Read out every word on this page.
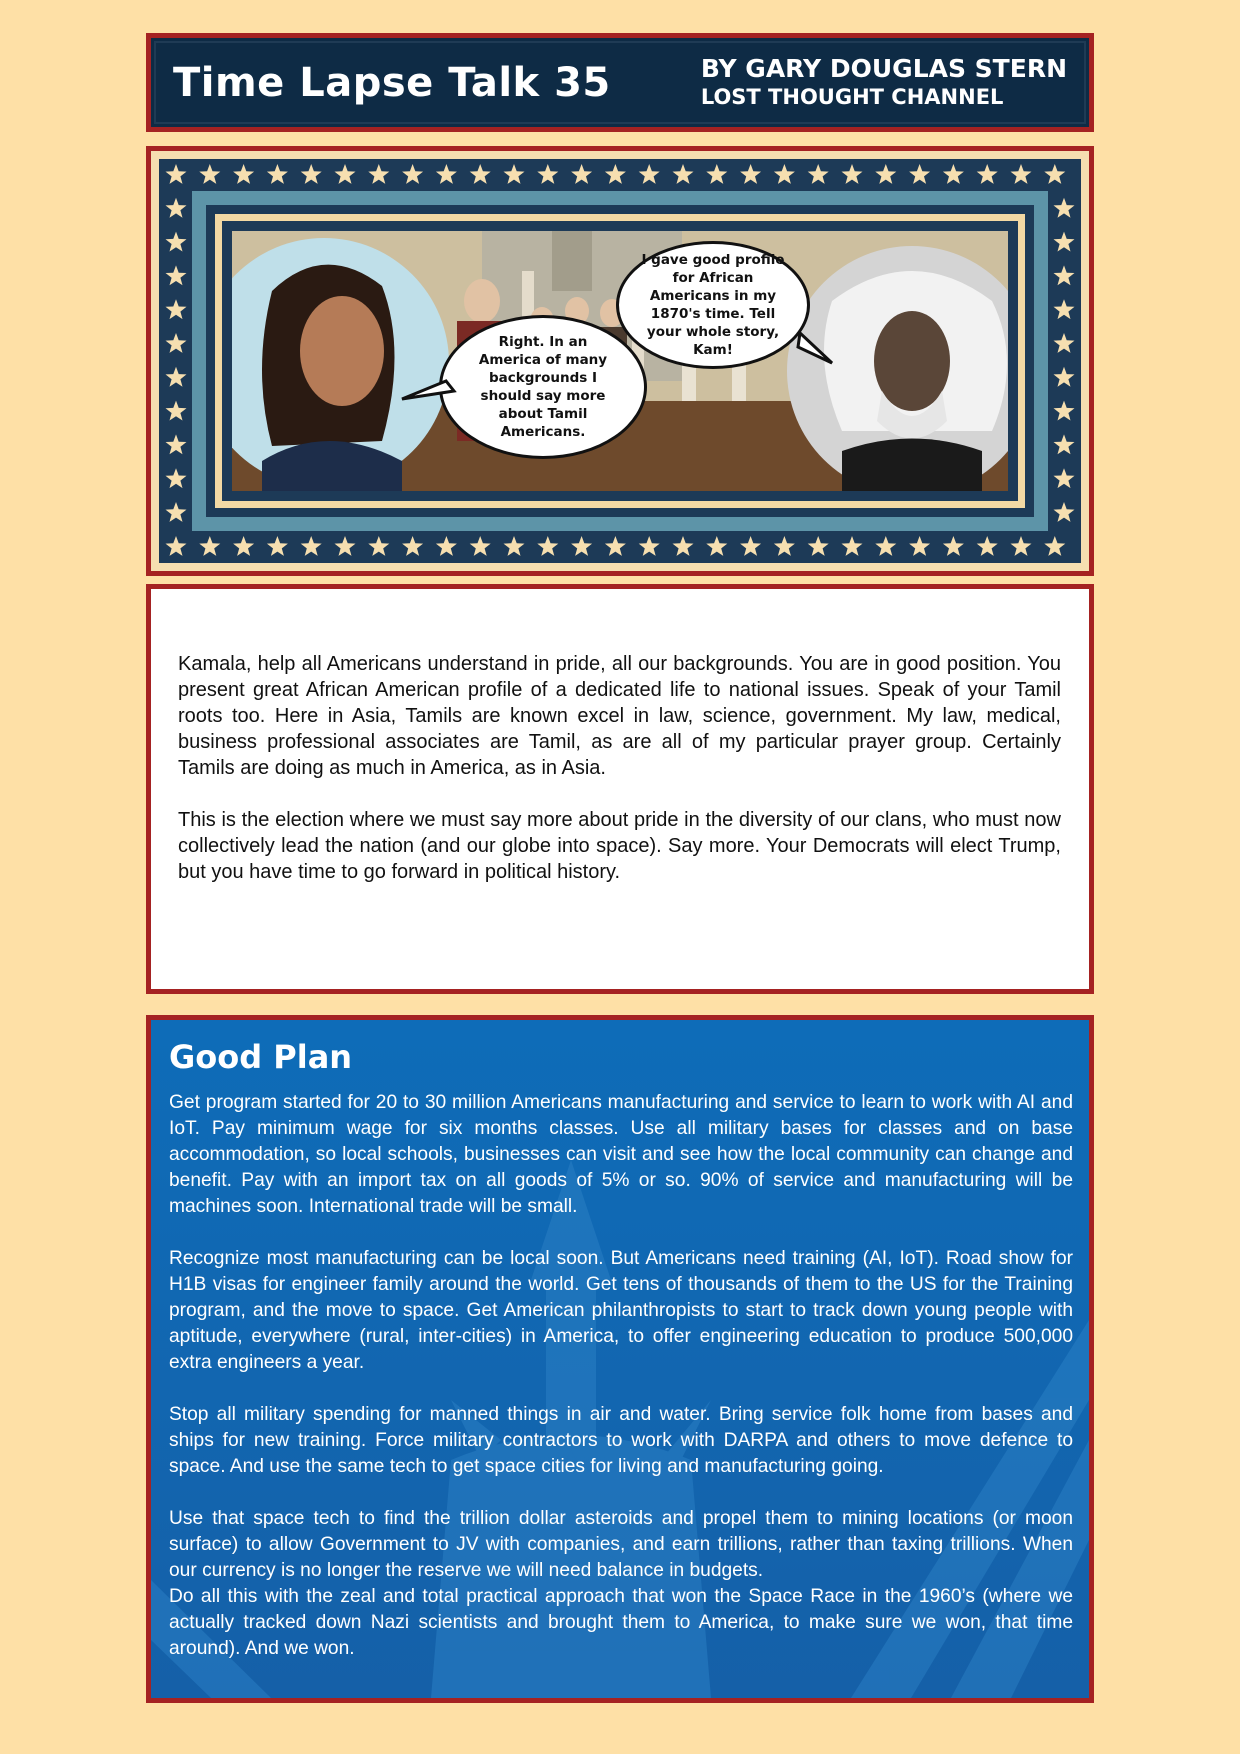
Time Lapse Talk 35	BY GARY DOUGLAS STERN
LOST THOUGHT CHANNEL
Right. In an America of many backgrounds I should say more about Tamil Americans.
I gave good profile for African Americans in my 1870's time. Tell your whole story, Kam!

Kamala, help all Americans understand in pride, all our backgrounds. You are in good position. You present great African American profile of a dedicated life to national issues. Speak of your Tamil roots too. Here in Asia, Tamils are known excel in law, science, government. My law, medical, business professional associates are Tamil, as are all of my particular prayer group. Certainly Tamils are doing as much in America, as in Asia.

This is the election where we must say more about pride in the diversity of our clans, who must now collectively lead the nation (and our globe into space). Say more. Your Democrats will elect Trump, but you have time to go forward in political history.

Good Plan

Get program started for 20 to 30 million Americans manufacturing and service to learn to work with AI and IoT. Pay minimum wage for six months classes. Use all military bases for classes and on base accommodation, so local schools, businesses can visit and see how the local community can change and benefit. Pay with an import tax on all goods of 5% or so. 90% of service and manufacturing will be machines soon. International trade will be small.

Recognize most manufacturing can be local soon. But Americans need training (AI, IoT). Road show for H1B visas for engineer family around the world. Get tens of thousands of them to the US for the Training program, and the move to space. Get American philanthropists to start to track down young people with aptitude, everywhere (rural, inter-cities) in America, to offer engineering education to produce 500,000 extra engineers a year.

Stop all military spending for manned things in air and water. Bring service folk home from bases and ships for new training. Force military contractors to work with DARPA and others to move defence to space. And use the same tech to get space cities for living and manufacturing going.

Use that space tech to find the trillion dollar asteroids and propel them to mining locations (or moon surface) to allow Government to JV with companies, and earn trillions, rather than taxing trillions. When our currency is no longer the reserve we will need balance in budgets.

Do all this with the zeal and total practical approach that won the Space Race in the 1960’s (where we actually tracked down Nazi scientists and brought them to America, to make sure we won, that time around). And we won.
